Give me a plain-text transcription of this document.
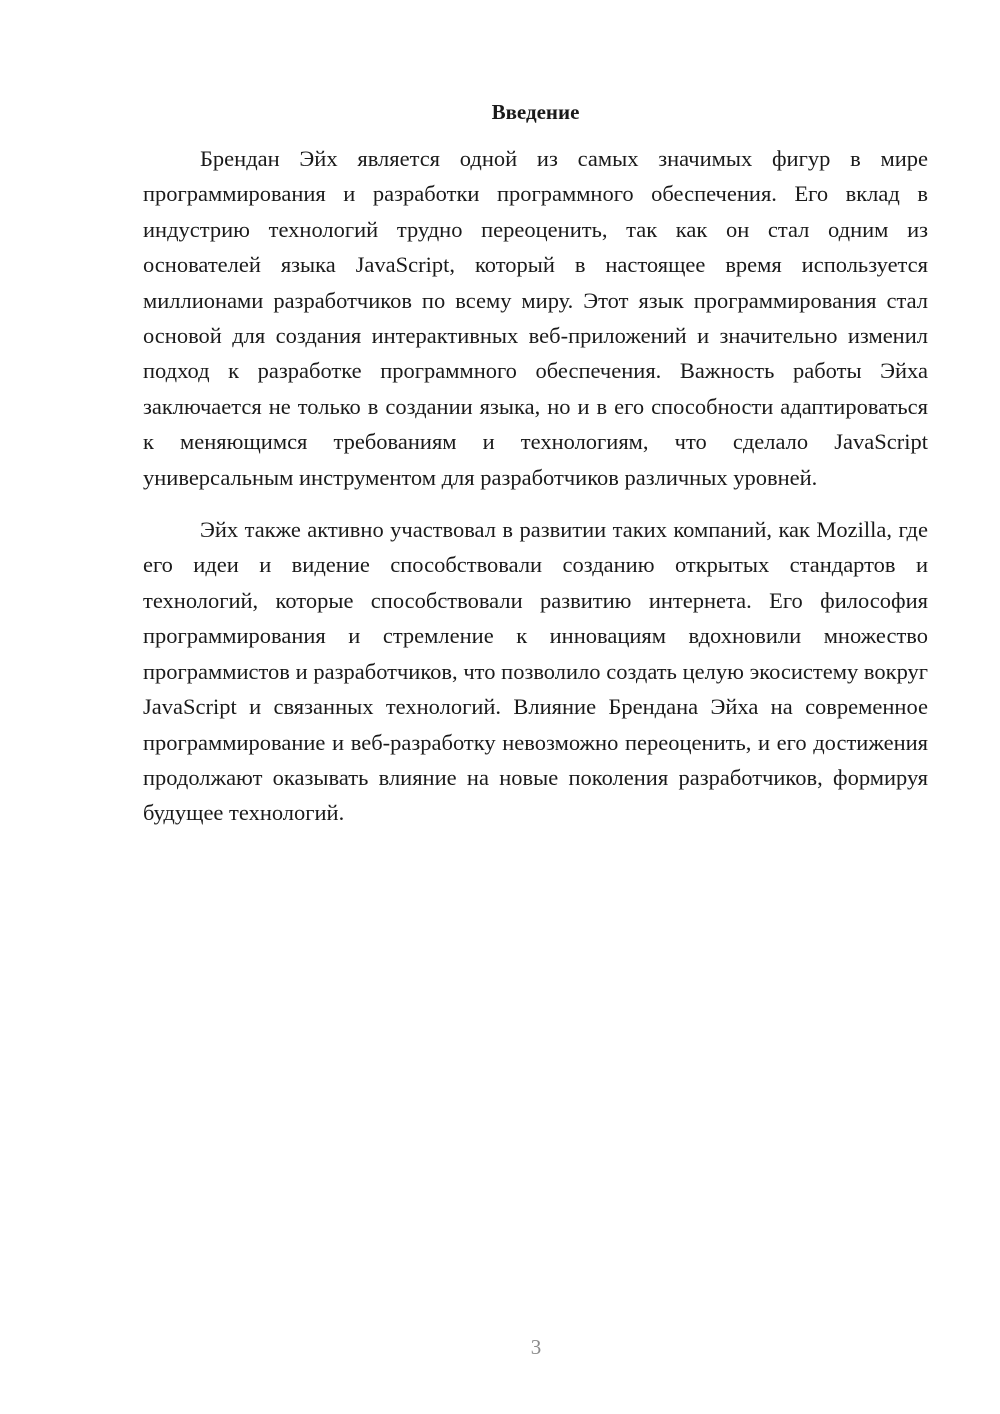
Введение

Брендан Эйх является одной из самых значимых фигур в мире программирования и разработки программного обеспечения. Его вклад в индустрию технологий трудно переоценить, так как он стал одним из основателей языка JavaScript, который в настоящее время используется миллионами разработчиков по всему миру. Этот язык программирования стал основой для создания интерактивных веб-приложений и значительно изменил подход к разработке программного обеспечения. Важность работы Эйха заключается не только в создании языка, но и в его способности адаптироваться к меняющимся требованиям и технологиям, что сделало JavaScript универсальным инструментом для разработчиков различных уровней.

Эйх также активно участвовал в развитии таких компаний, как Mozilla, где его идеи и видение способствовали созданию открытых стандартов и технологий, которые способствовали развитию интернета. Его философия программирования и стремление к инновациям вдохновили множество программистов и разработчиков, что позволило создать целую экосистему вокруг JavaScript и связанных технологий. Влияние Брендана Эйха на современное программирование и веб-разработку невозможно переоценить, и его достижения продолжают оказывать влияние на новые поколения разработчиков, формируя будущее технологий.

3
